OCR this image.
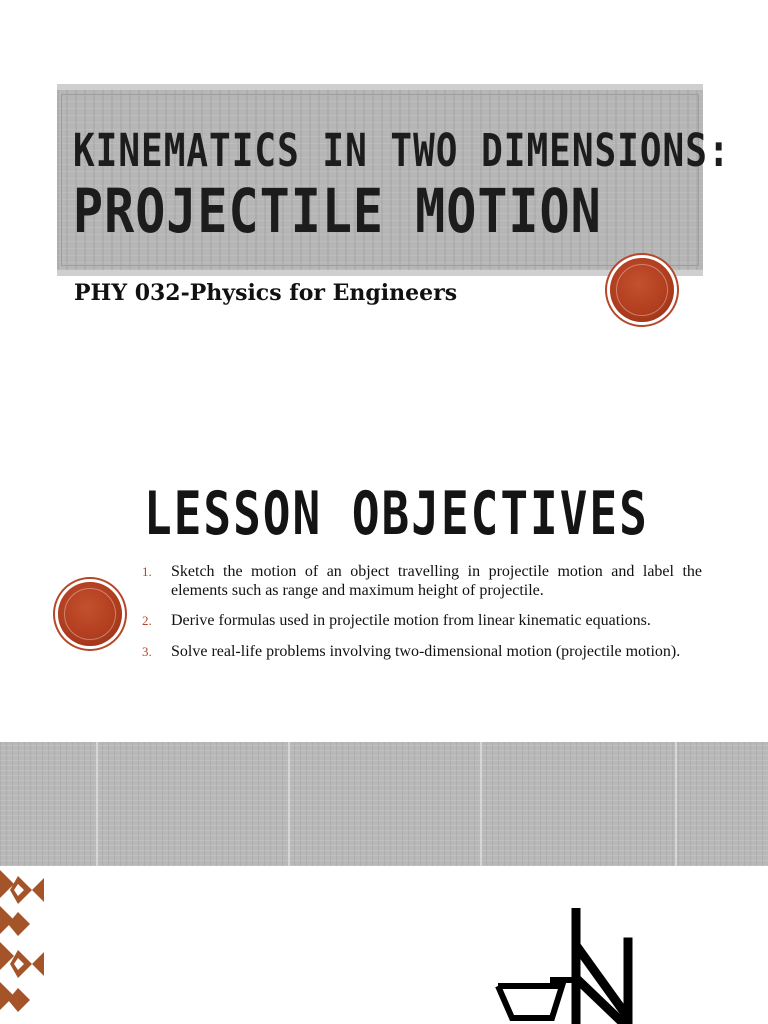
KINEMATICS IN TWO DIMENSIONS:
PROJECTILE MOTION
PHY 032-Physics for Engineers
LESSON OBJECTIVES
1. Sketch the motion of an object travelling in projectile motion and label the elements such as range and maximum height of projectile.
2. Derive formulas used in projectile motion from linear kinematic equations.
3. Solve real-life problems involving two-dimensional motion (projectile motion).
